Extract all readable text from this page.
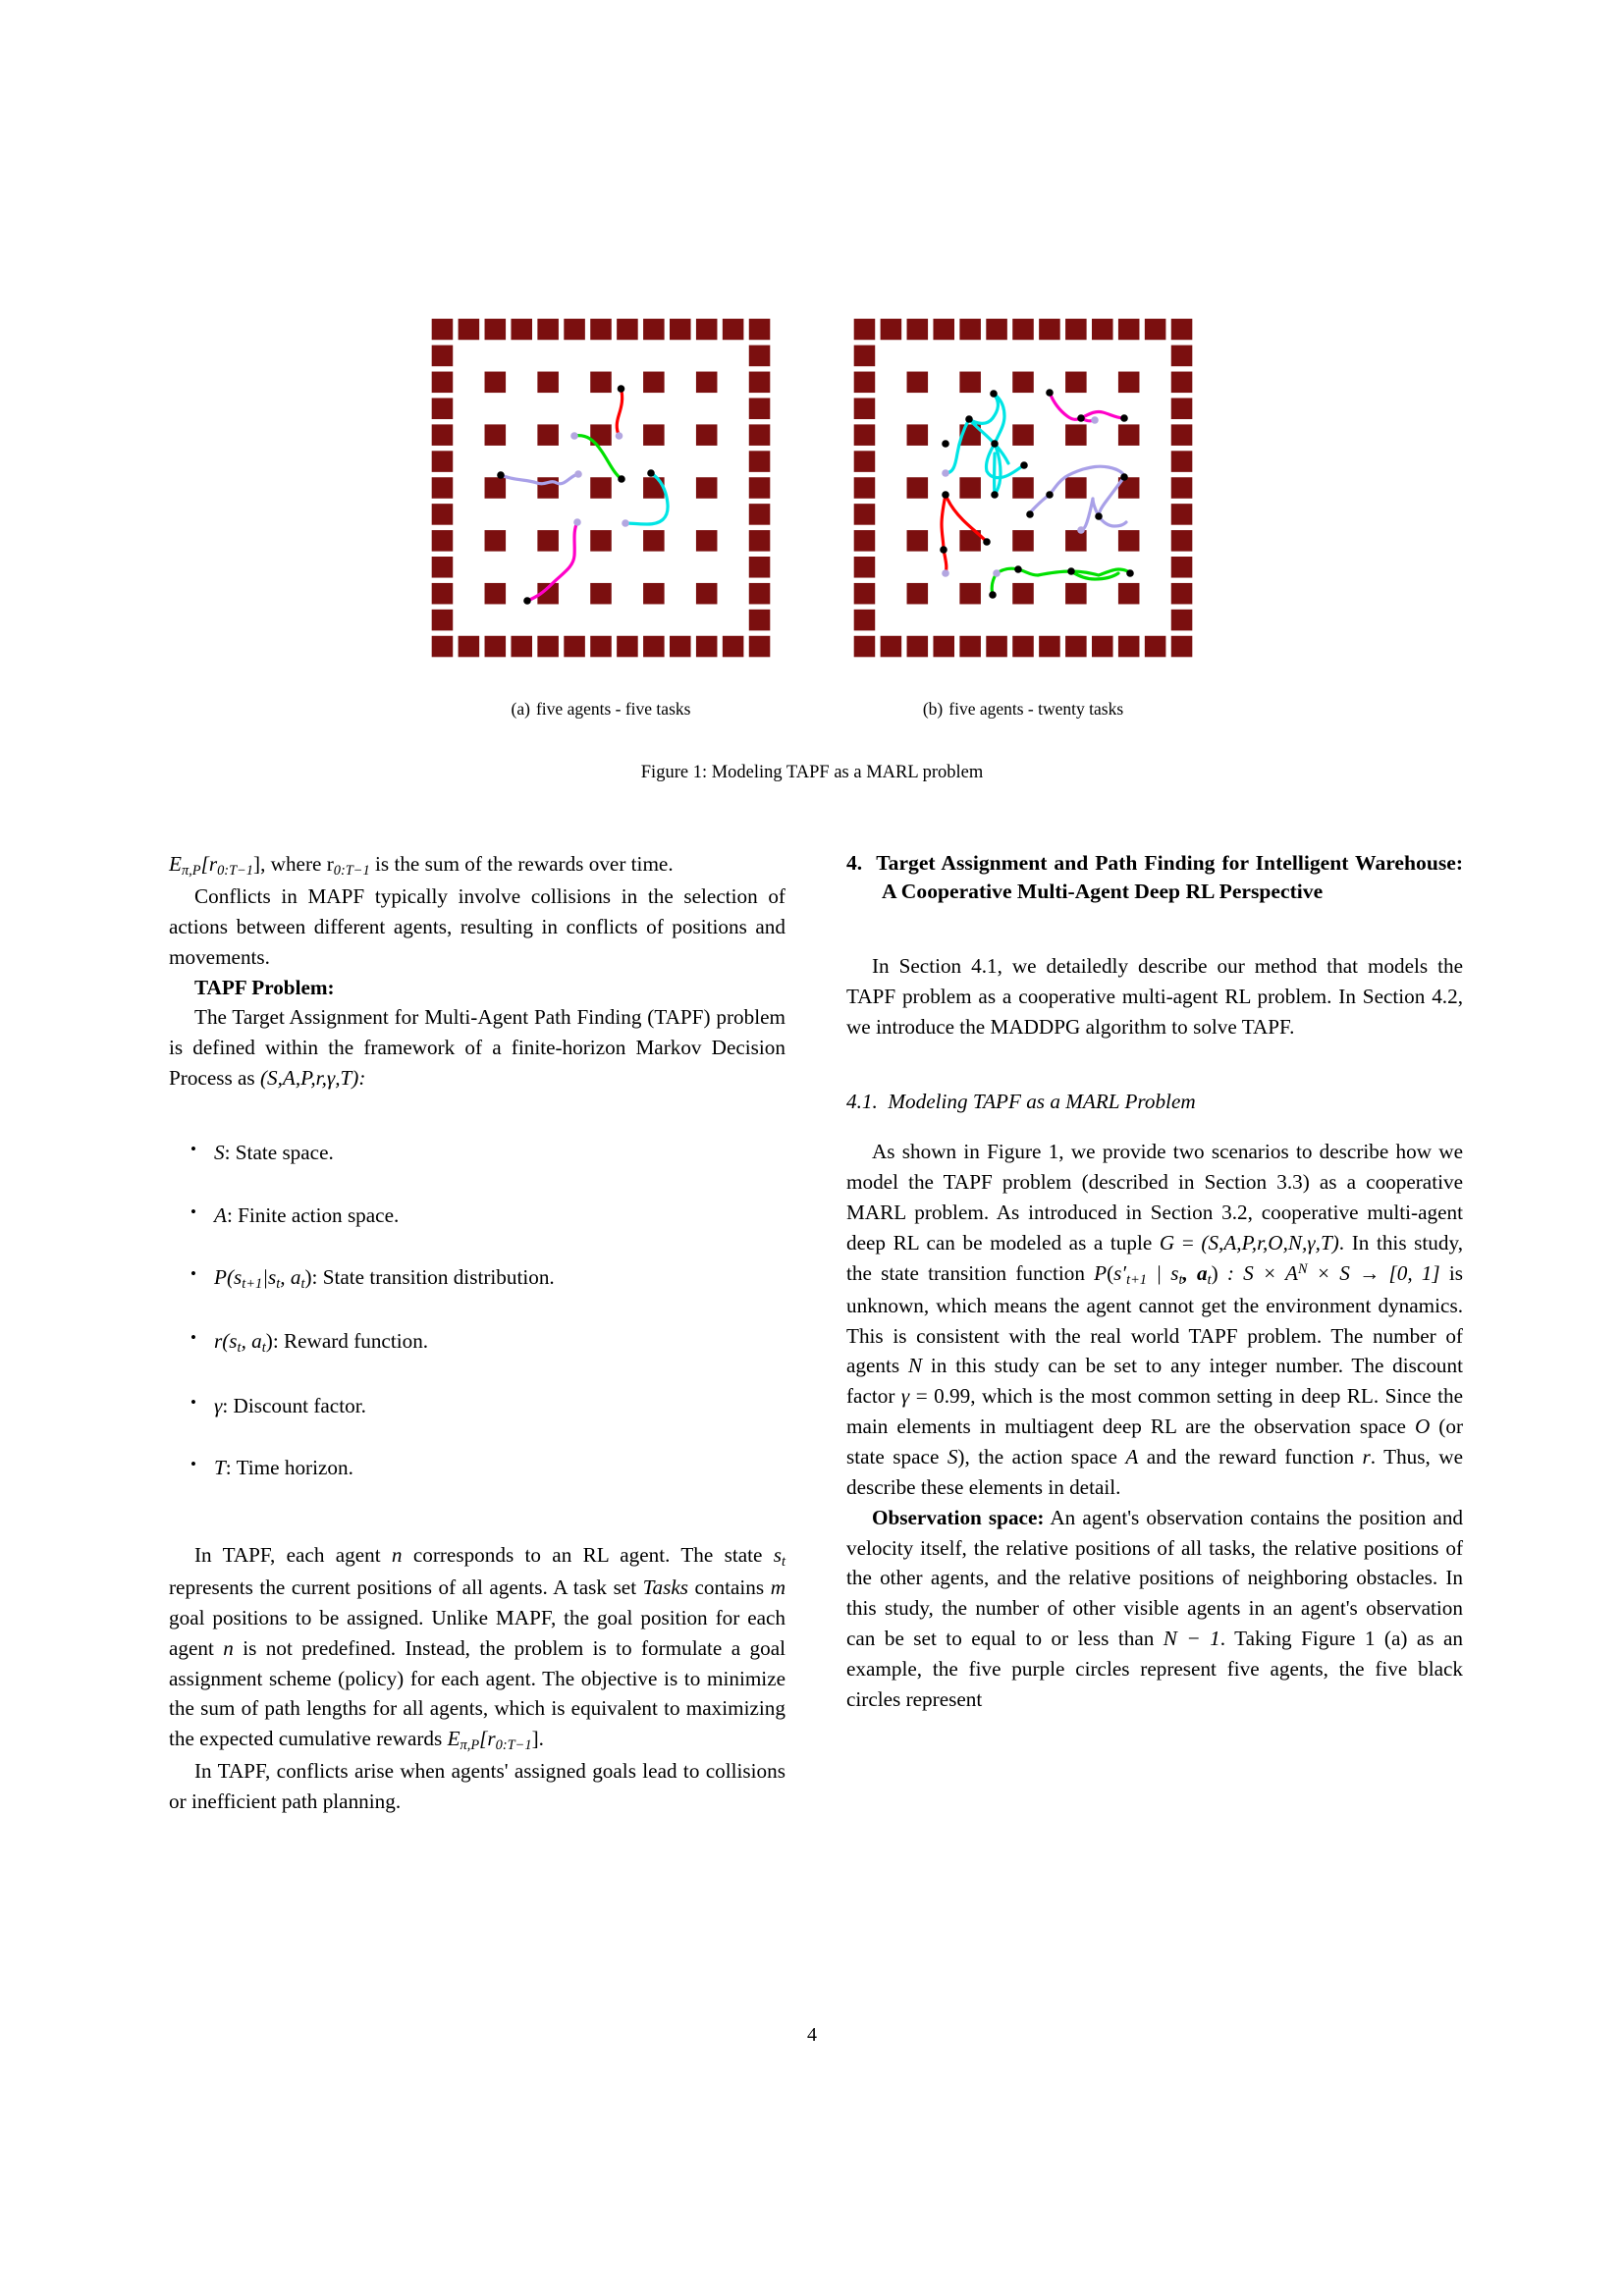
(a) five agents - five tasks	(b) five agents - twenty tasks
Figure 1: Modeling TAPF as a MARL problem

$E_{\pi,P}[r_{0:T-1}]$, where $r_{0:T-1}$ is the sum of the rewards over time.

Conflicts in MAPF typically involve collisions in the selection of actions between different agents, resulting in conflicts of positions and movements.

TAPF Problem:

The Target Assignment for Multi-Agent Path Finding (TAPF) problem is defined within the framework of a finite-horizon Markov Decision Process as (S,A,P,r,γ,T):

• S: State space.
• A: Finite action space.
• $P(s_{t+1}|s_t$, $a_t$): State transition distribution.
• $r(s_t$, $a_t$): Reward function.
• γ: Discount factor.
• T: Time horizon.

In TAPF, each agent n corresponds to an RL agent. The state $s_t$ represents the current positions of all agents. A task set Tasks contains m goal positions to be assigned. Unlike MAPF, the goal position for each agent n is not predefined. Instead, the problem is to formulate a goal assignment scheme (policy) for each agent. The objective is to minimize the sum of path lengths for all agents, which is equivalent to maximizing the expected cumulative rewards $E_{\pi,P}[r_{0:T-1}]$.

In TAPF, conflicts arise when agents' assigned goals lead to collisions or inefficient path planning.

4. Target Assignment and Path Finding for Intelligent Warehouse: A Cooperative Multi-Agent Deep RL Perspective

In Section 4.1, we detailedly describe our method that models the TAPF problem as a cooperative multi-agent RL problem. In Section 4.2, we introduce the MADDPG algorithm to solve TAPF.

4.1. Modeling TAPF as a MARL Problem

As shown in Figure 1, we provide two scenarios to describe how we model the TAPF problem (described in Section 3.3) as a cooperative MARL problem. As introduced in Section 3.2, cooperative multi-agent deep RL can be modeled as a tuple G = (S,A,P,r,O,N,γ,T). In this study, the state transition function $P(s'_{t+1}$ | $s_t$, $a_t$) : $S \times A^N \times S \to [0$, 1] is unknown, which means the agent cannot get the environment dynamics. This is consistent with the real world TAPF problem. The number of agents N in this study can be set to any integer number. The discount factor γ = 0.99, which is the most common setting in deep RL. Since the main elements in multiagent deep RL are the observation space O (or state space S), the action space A and the reward function r. Thus, we describe these elements in detail.

Observation space: An agent's observation contains the position and velocity itself, the relative positions of all tasks, the relative positions of the other agents, and the relative positions of neighboring obstacles. In this study, the number of other visible agents in an agent's observation can be set to equal to or less than N − 1. Taking Figure 1 (a) as an example, the five purple circles represent five agents, the five black circles represent

4
